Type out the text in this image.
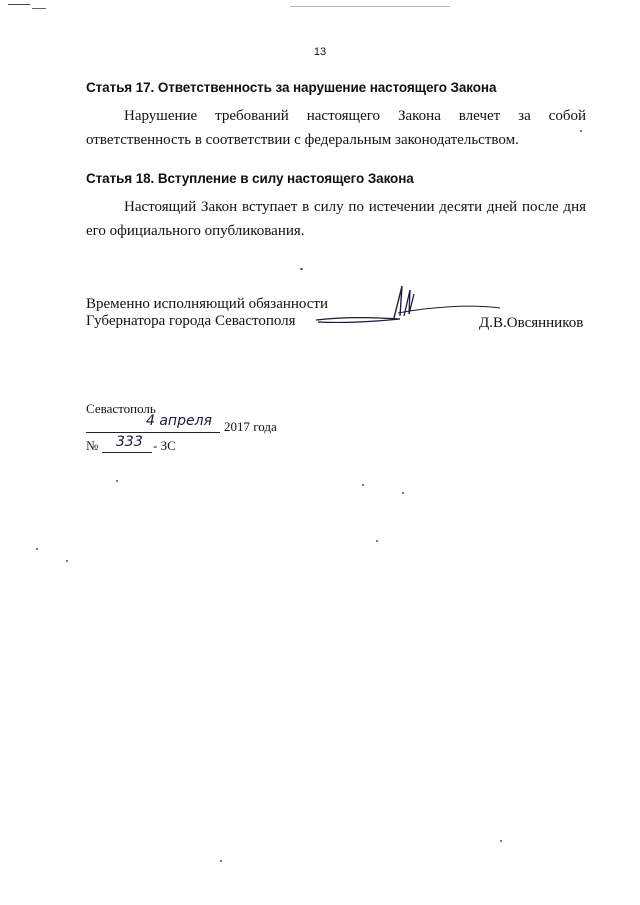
13
Статья 17. Ответственность за нарушение настоящего Закона
Нарушение требований настоящего Закона влечет за собой ответственность в соответствии с федеральным законодательством.
Статья 18. Вступление в силу настоящего Закона
Настоящий Закон вступает в силу по истечении десяти дней после дня его официального опубликования.
Временно исполняющий обязанности
Губернатора города Севастополя	Д.В.Овсянников
Севастополь
4 апреля 2017 года
№ 333 - ЗС
